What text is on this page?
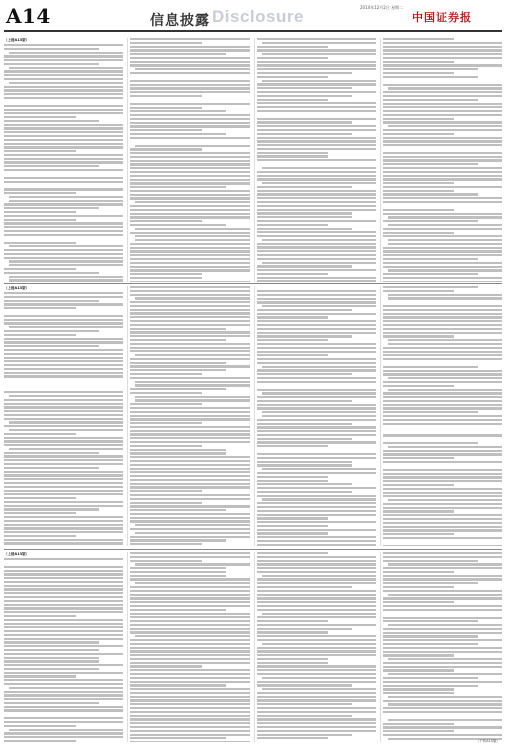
A14	信息披露 Disclosure	2014年12月2日 星期二
中国证券报
（上接A13版）
（上接A13版）
（上接A13版）
（下转A15版）
